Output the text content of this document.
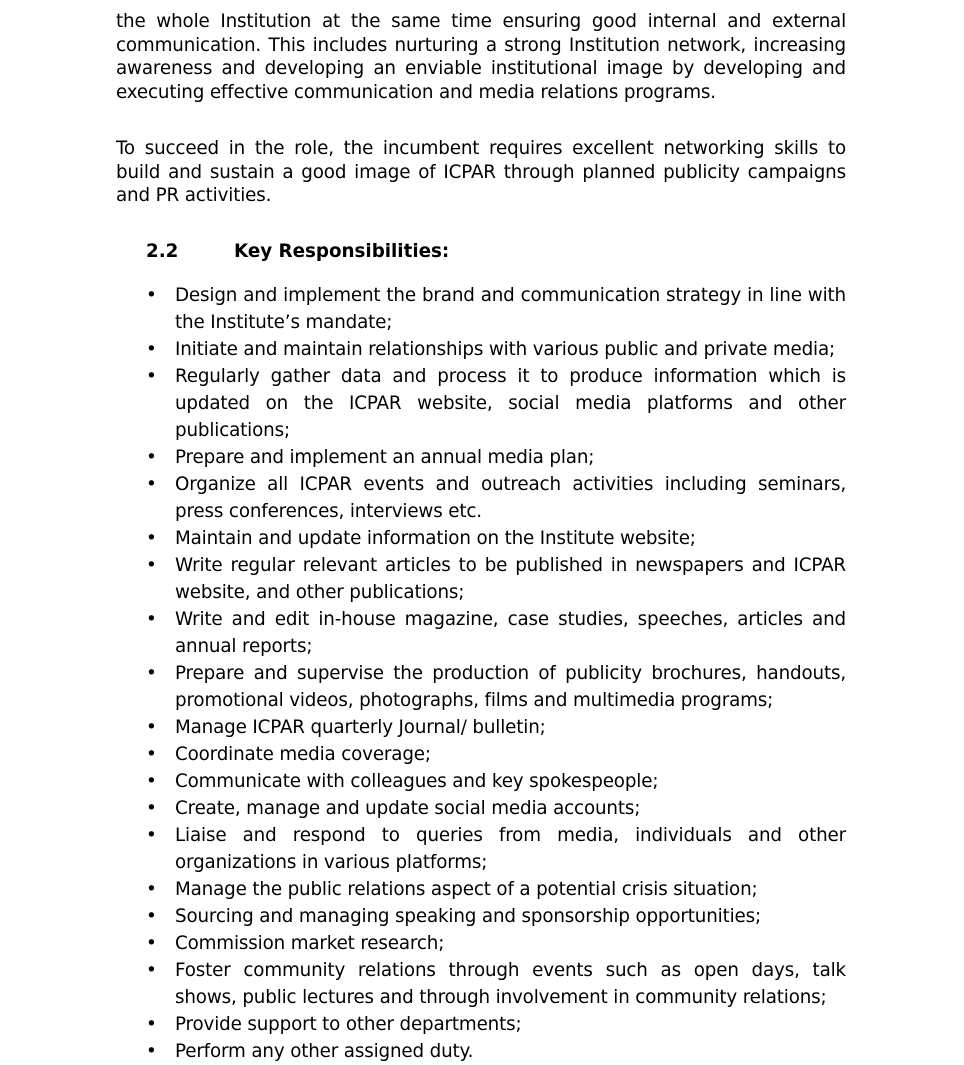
the whole Institution at the same time ensuring good internal and external communication. This includes nurturing a strong Institution network, increasing awareness and developing an enviable institutional image by developing and executing effective communication and media relations programs.

To succeed in the role, the incumbent requires excellent networking skills to build and sustain a good image of ICPAR through planned publicity campaigns and PR activities.

2.2	Key Responsibilities:
• Design and implement the brand and communication strategy in line with the Institute’s mandate;
• Initiate and maintain relationships with various public and private media;
• Regularly gather data and process it to produce information which is updated on the ICPAR website, social media platforms and other publications;
• Prepare and implement an annual media plan;
• Organize all ICPAR events and outreach activities including seminars, press conferences, interviews etc.
• Maintain and update information on the Institute website;
• Write regular relevant articles to be published in newspapers and ICPAR website, and other publications;
• Write and edit in-house magazine, case studies, speeches, articles and annual reports;
• Prepare and supervise the production of publicity brochures, handouts, promotional videos, photographs, films and multimedia programs;
• Manage ICPAR quarterly Journal/ bulletin;
• Coordinate media coverage;
• Communicate with colleagues and key spokespeople;
• Create, manage and update social media accounts;
• Liaise and respond to queries from media, individuals and other organizations in various platforms;
• Manage the public relations aspect of a potential crisis situation;
• Sourcing and managing speaking and sponsorship opportunities;
• Commission market research;
• Foster community relations through events such as open days, talk shows, public lectures and through involvement in community relations;
• Provide support to other departments;
• Perform any other assigned duty.
